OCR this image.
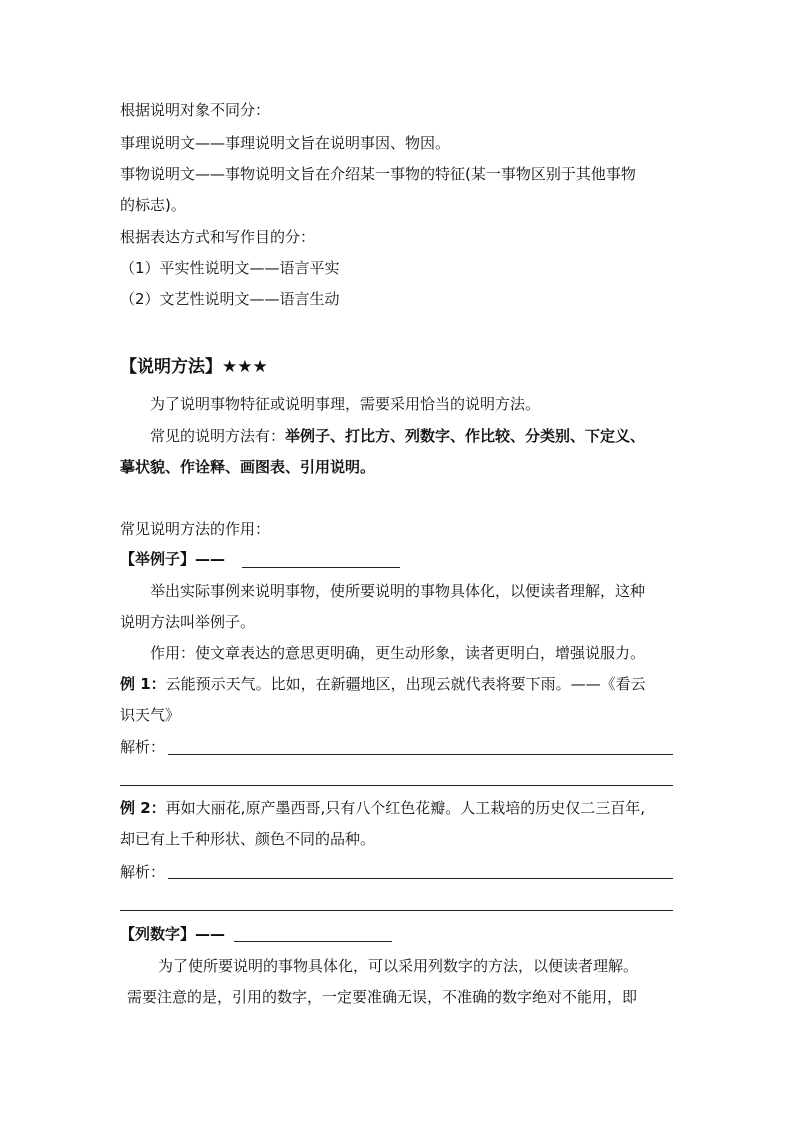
根据说明对象不同分：
事理说明文——事理说明文旨在说明事因、物因。
事物说明文——事物说明文旨在介绍某一事物的特征(某一事物区别于其他事物
的标志)。
根据表达方式和写作目的分：
（1）平实性说明文——语言平实
（2）文艺性说明文——语言生动
【说明方法】★★★
为了说明事物特征或说明事理，需要采用恰当的说明方法。
常见的说明方法有：举例子、打比方、列数字、作比较、分类别、下定义、
摹状貌、作诠释、画图表、引用说明。
常见说明方法的作用：
【举例子】——
举出实际事例来说明事物，使所要说明的事物具体化，以便读者理解，这种
说明方法叫举例子。
作用：使文章表达的意思更明确，更生动形象，读者更明白，增强说服力。
例 1：云能预示天气。比如，在新疆地区，出现云就代表将要下雨。——《看云
识天气》
解析：
例 2：再如大丽花,原产墨西哥,只有八个红色花瓣。人工栽培的历史仅二三百年,
却已有上千种形状、颜色不同的品种。
解析：
【列数字】——
为了使所要说明的事物具体化，可以采用列数字的方法，以便读者理解。
需要注意的是，引用的数字，一定要准确无误，不准确的数字绝对不能用，即
